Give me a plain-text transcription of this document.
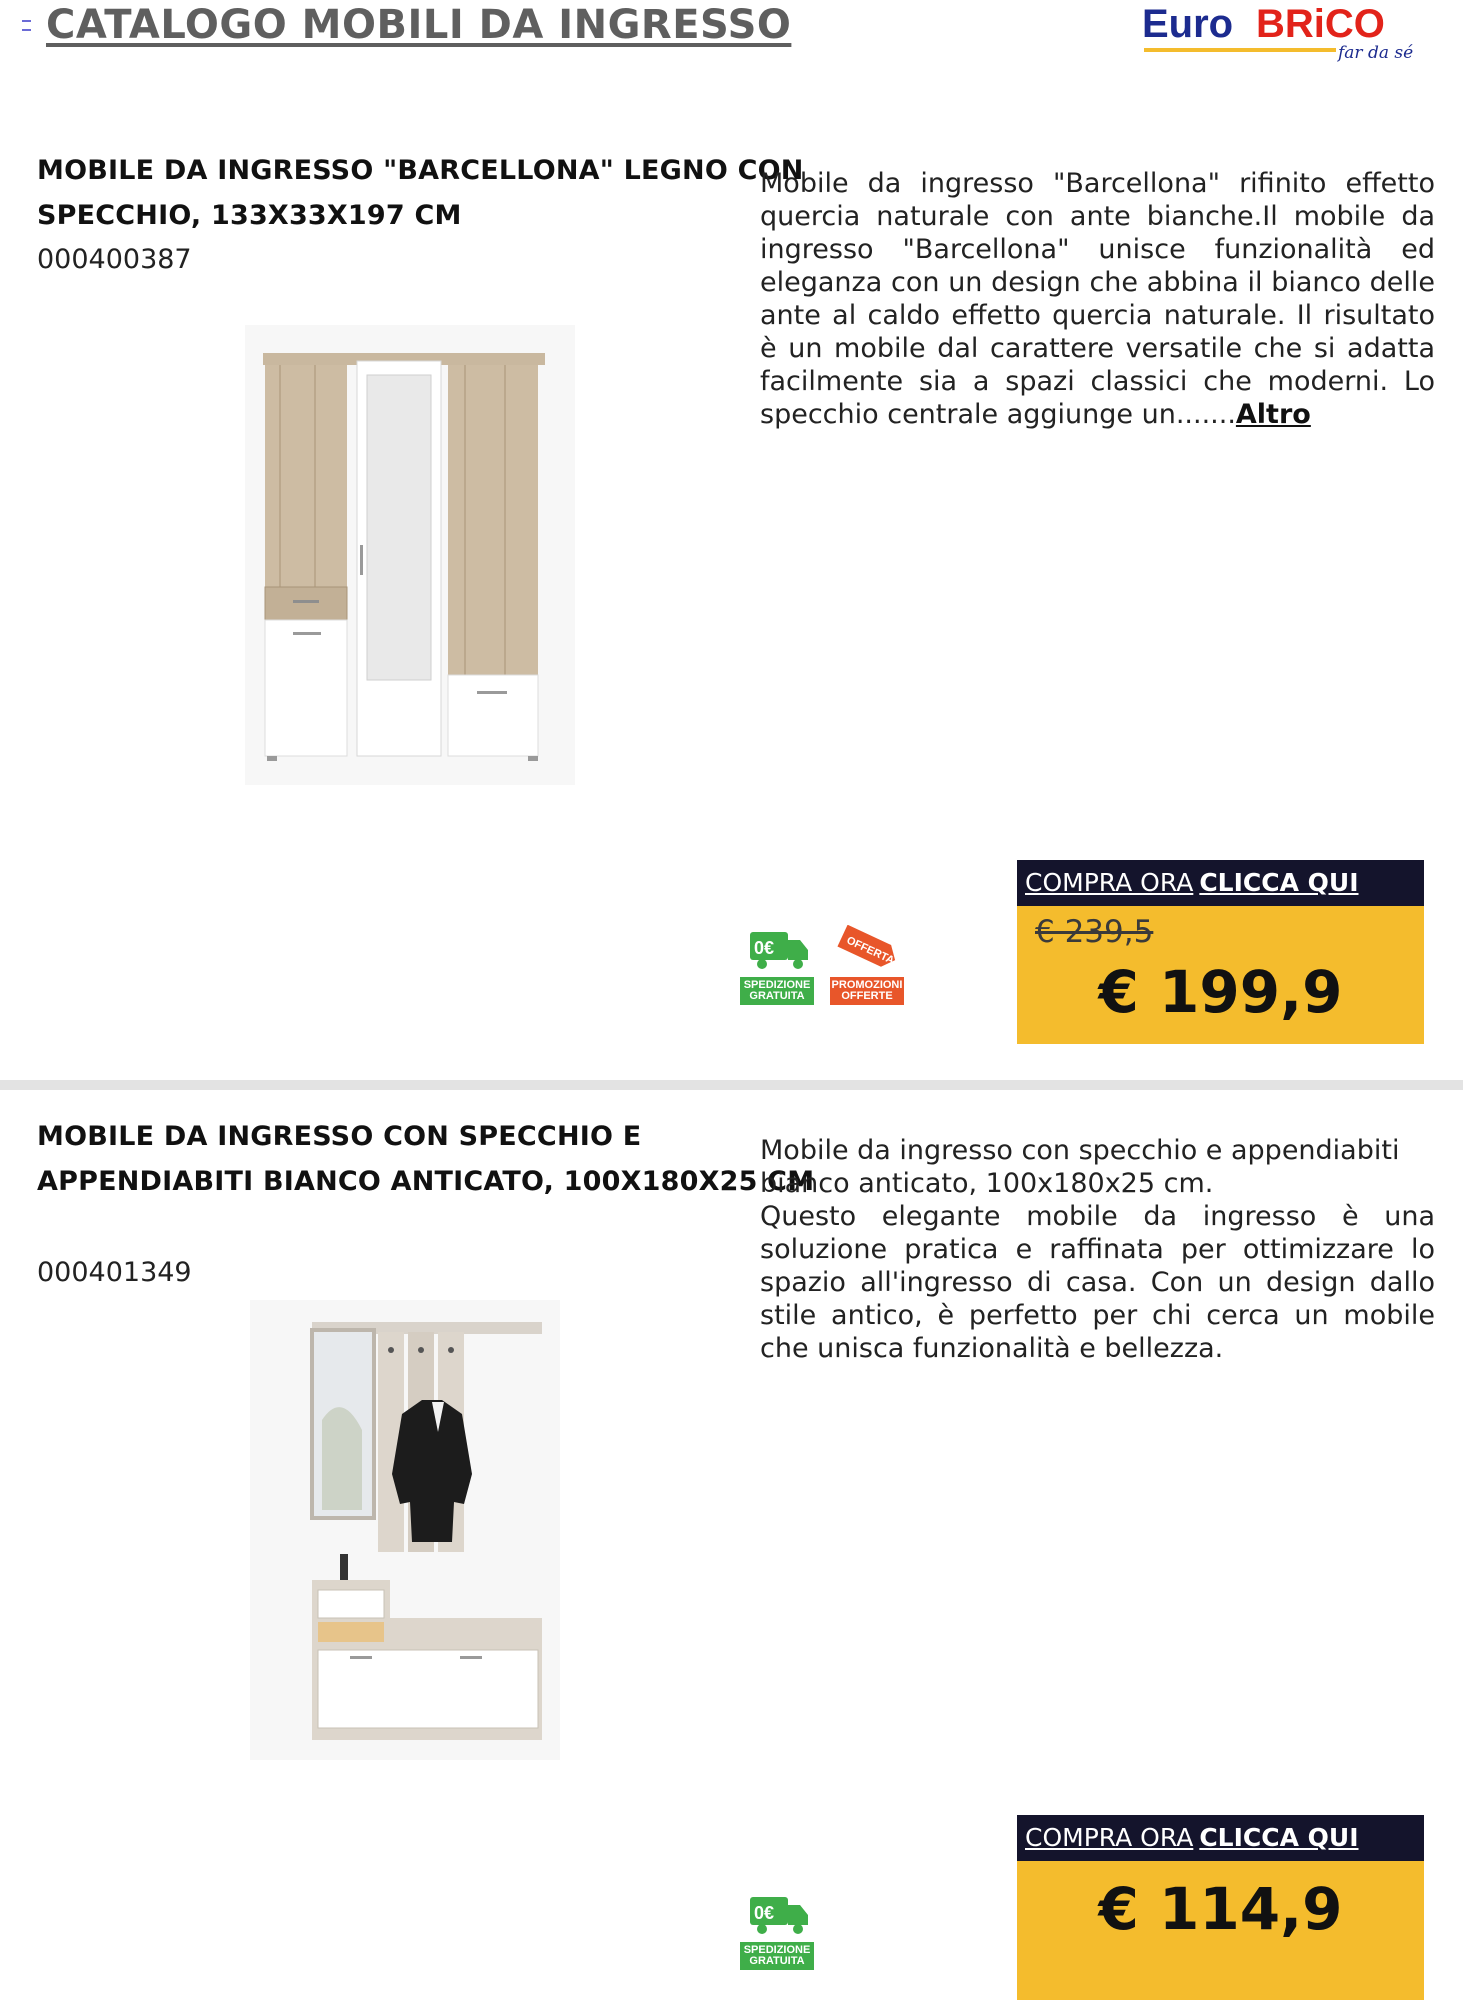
CATALOGO MOBILI DA INGRESSO	Euro BRiCO
far da sé
MOBILE DA INGRESSO "BARCELLONA" LEGNO CON
SPECCHIO, 133X33X197 CM
000400387
Mobile da ingresso "Barcellona" rifinito effetto quercia naturale con ante bianche.Il mobile da ingresso "Barcellona" unisce funzionalità ed eleganza con un design che abbina il bianco delle ante al caldo effetto quercia naturale. Il risultato è un mobile dal carattere versatile che si adatta facilmente sia a spazi classici che moderni. Lo specchio centrale aggiunge un.......Altro
0€
SPEDIZIONE
GRATUITA
OFFERTA
PROMOZIONI
OFFERTE
COMPRA ORA CLICCA QUI
€ 239,5
€ 199,9
MOBILE DA INGRESSO CON SPECCHIO E
APPENDIABITI BIANCO ANTICATO, 100X180X25 CM
000401349
Mobile da ingresso con specchio e appendiabiti bianco anticato, 100x180x25 cm.
Questo elegante mobile da ingresso è una soluzione pratica e raffinata per ottimizzare lo spazio all'ingresso di casa. Con un design dallo stile antico, è perfetto per chi cerca un mobile che unisca funzionalità e bellezza.
0€
SPEDIZIONE
GRATUITA
COMPRA ORA CLICCA QUI
€ 114,9
